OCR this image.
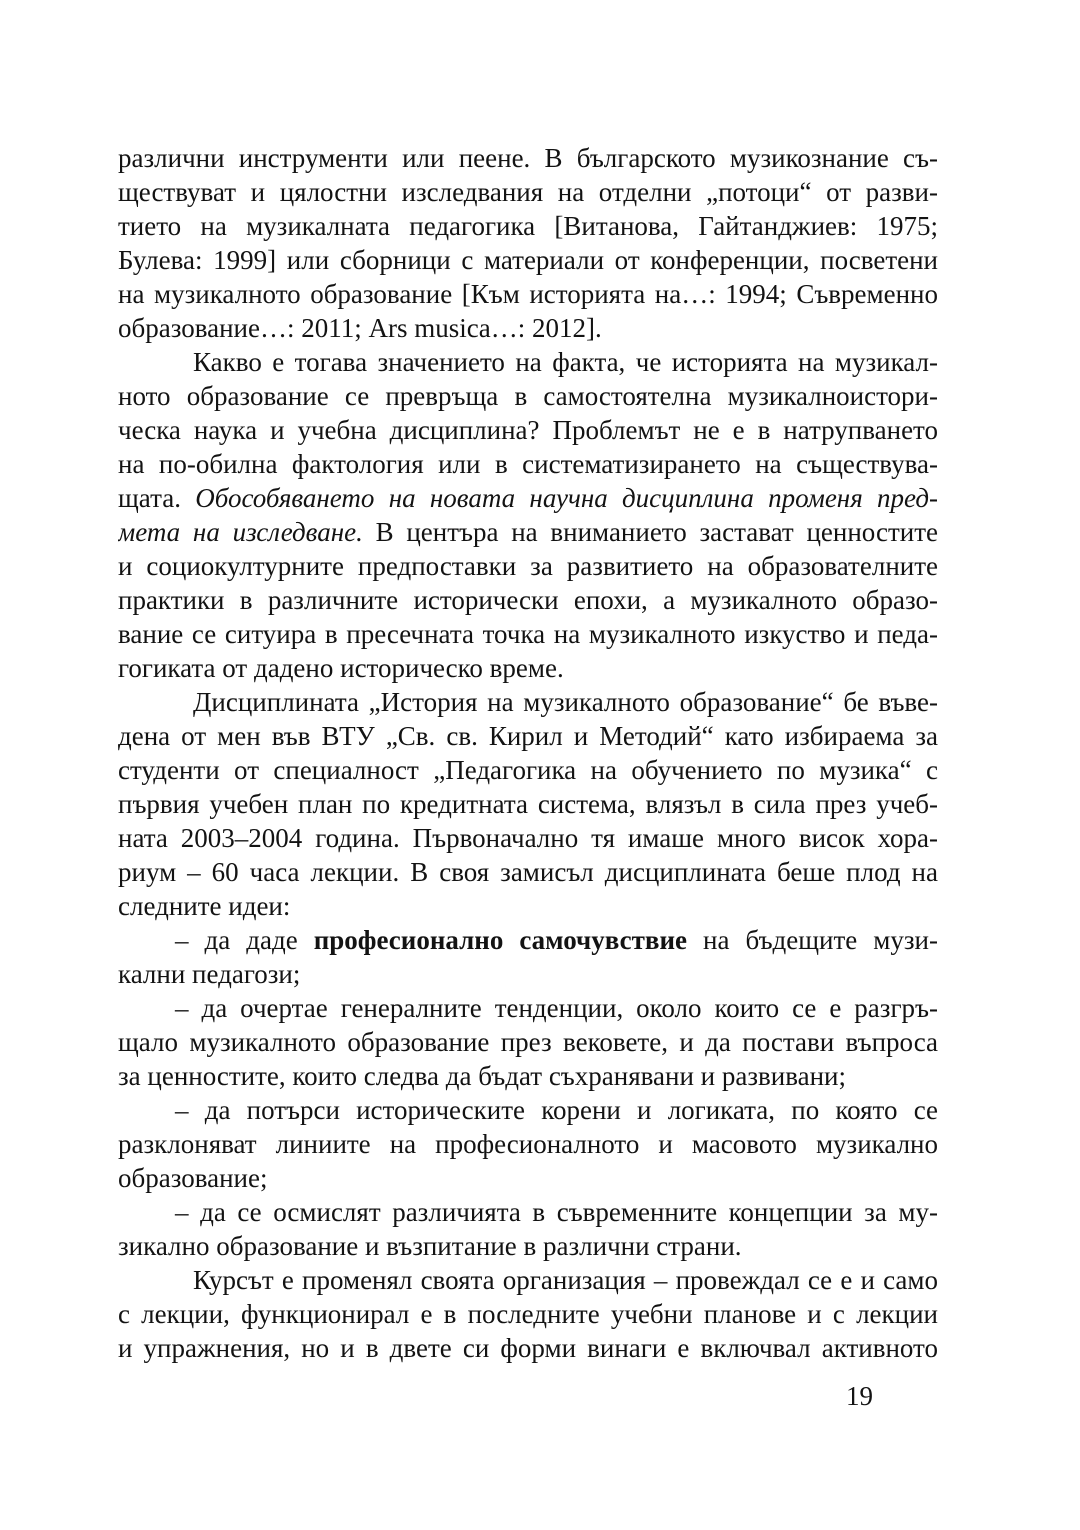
различни инструменти или пеене. В българското музикознание съ-
ществуват и цялостни изследвания на отделни „потоци“ от разви-
тието на музикалната педагогика [Витанова, Гайтанджиев: 1975;
Булева: 1999] или сборници с материали от конференции, посветени
на музикалното образование [Към историята на…: 1994; Съвременно
образование…: 2011; Ars musica…: 2012].
Какво е тогава значението на факта, че историята на музикал-
ното образование се превръща в самостоятелна музикалноистори-
ческа наука и учебна дисциплина? Проблемът не е в натрупването
на по-обилна фактология или в систематизирането на съществува-
щата. Обособяването на новата научна дисциплина променя пред-
мета на изследване. В центъра на вниманието застават ценностите
и социокултурните предпоставки за развитието на образователните
практики в различните исторически епохи, а музикалното образо-
вание се ситуира в пресечната точка на музикалното изкуство и педа-
гогиката от дадено историческо време.
Дисциплината „История на музикалното образование“ бе въве-
дена от мен във ВТУ „Св. св. Кирил и Методий“ като избираема за
студенти от специалност „Педагогика на обучението по музика“ с
първия учебен план по кредитната система, влязъл в сила през учеб-
ната 2003–2004 година. Първоначално тя имаше много висок хора-
риум – 60 часа лекции. В своя замисъл дисциплината беше плод на
следните идеи:
– да даде професионално самочувствие на бъдещите музи-
кални педагози;
– да очертае генералните тенденции, около които се е разгръ-
щало музикалното образование през вековете, и да постави въпроса
за ценностите, които следва да бъдат съхранявани и развивани;
– да потърси историческите корени и логиката, по която се
разклоняват линиите на професионалното и масовото музикално
образование;
– да се осмислят различията в съвременните концепции за му-
зикално образование и възпитание в различни страни.
Курсът е променял своята организация – провеждал се е и само
с лекции, функционирал е в последните учебни планове и с лекции
и упражнения, но и в двете си форми винаги е включвал активното
19
